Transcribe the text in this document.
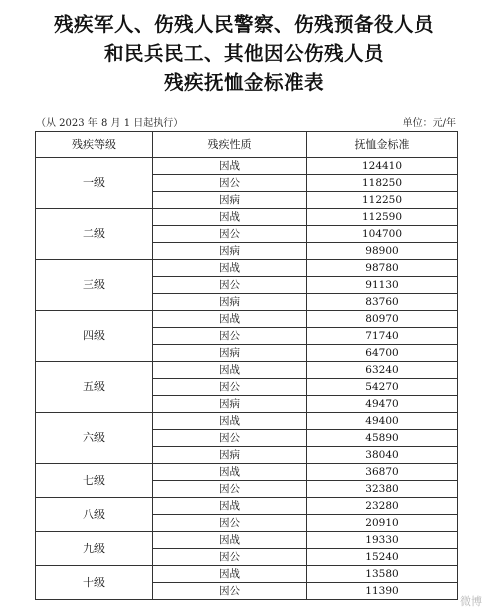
残疾军人、伤残人民警察、伤残预备役人员
和民兵民工、其他因公伤残人员
残疾抚恤金标准表
（从 2023 年 8 月 1 日起执行）	单位：元/年
残疾等级	残疾性质	抚恤金标准
一级	因战	124410
	因公	118250
	因病	112250
二级	因战	112590
	因公	104700
	因病	98900
三级	因战	98780
	因公	91130
	因病	83760
四级	因战	80970
	因公	71740
	因病	64700
五级	因战	63240
	因公	54270
	因病	49470
六级	因战	49400
	因公	45890
	因病	38040
七级	因战	36870
	因公	32380
八级	因战	23280
	因公	20910
九级	因战	19330
	因公	15240
十级	因战	13580
	因公	11390
微博
